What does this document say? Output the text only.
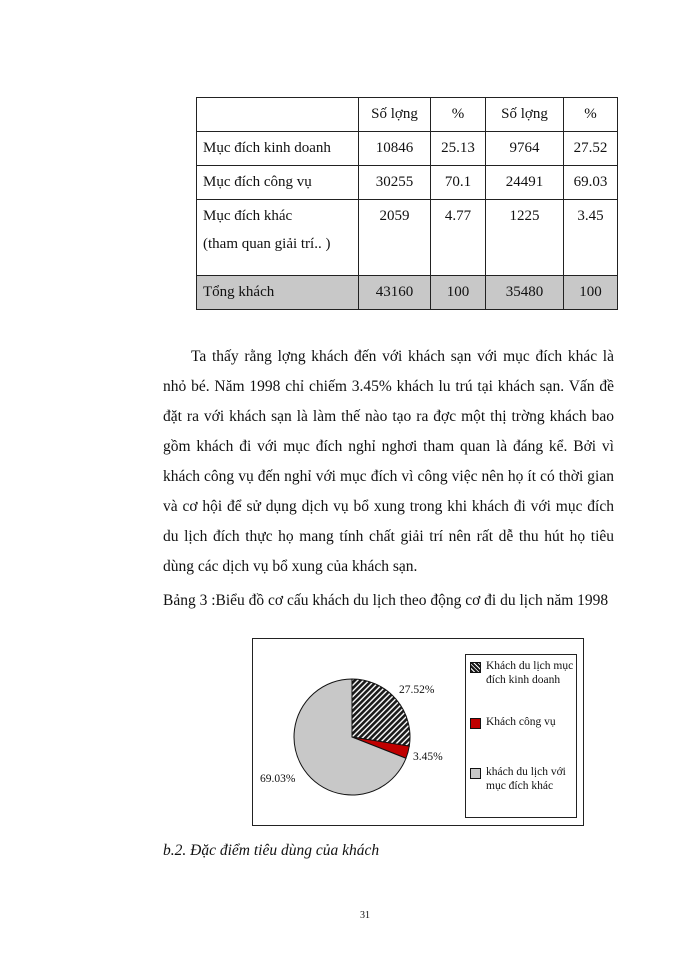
	Số lợng	%	Số lợng	%
Mục đích kinh doanh	10846	25.13	9764	27.52
Mục đích công vụ	30255	70.1	24491	69.03
Mục đích khác
(tham quan giải trí.. )	2059	4.77	1225	3.45
Tổng khách	43160	100	35480	100

Ta thấy rằng lợng khách đến với khách sạn với mục đích khác là nhỏ bé. Năm 1998 chỉ chiếm 3.45% khách lu trú tại khách sạn. Vấn đề đặt ra với khách sạn là làm thế nào tạo ra đợc một thị trờng khách bao gồm khách đi với mục đích nghỉ nghơi tham quan là đáng kể. Bởi vì khách công vụ đến nghỉ với mục đích vì công việc nên họ ít có thời gian và cơ hội để sử dụng dịch vụ bổ xung trong khi khách đi với mục đích du lịch đích thực họ mang tính chất giải trí nên rất dễ thu hút họ tiêu dùng các dịch vụ bổ xung của khách sạn.

Bảng 3 :Biểu đồ cơ cấu khách du lịch theo động cơ đi du lịch năm 1998

27.52%
3.45%
69.03%
Khách du lịch mục đích kinh doanh
Khách công vụ
khách du lịch với mục đích khác

b.2. Đặc điểm tiêu dùng của khách

31
